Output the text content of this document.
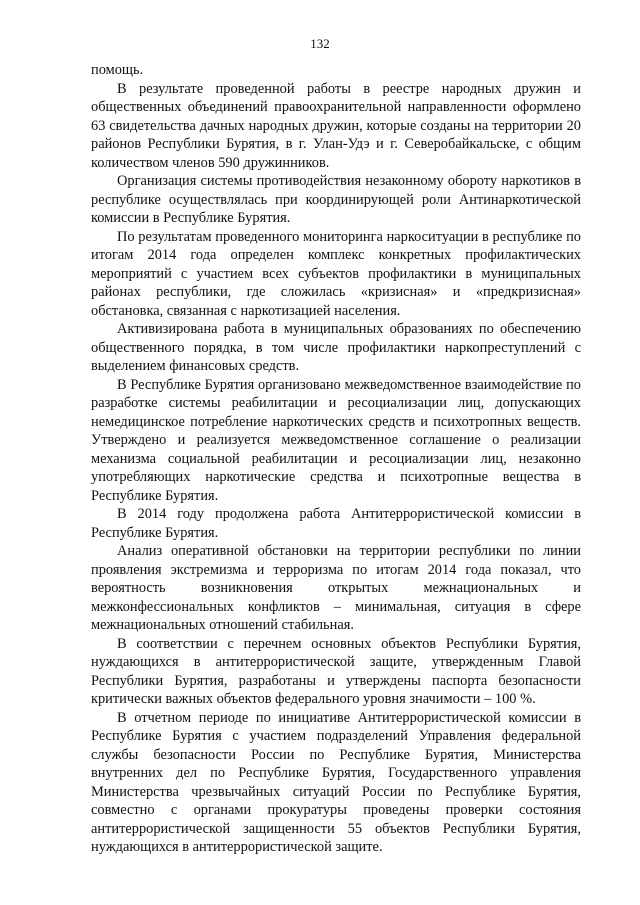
132

помощь.

В результате проведенной работы в реестре народных дружин и общественных объединений правоохранительной направленности оформлено 63 свидетельства дачных народных дружин, которые созданы на территории 20 районов Республики Бурятия, в г. Улан-Удэ и г. Северобайкальске, с общим количеством членов 590 дружинников.

Организация системы противодействия незаконному обороту наркотиков в республике осуществлялась при координирующей роли Антинаркотической комиссии в Республике Бурятия.

По результатам проведенного мониторинга наркоситуации в республике по итогам 2014 года определен комплекс конкретных профилактических мероприятий с участием всех субъектов профилактики в муниципальных районах республики, где сложилась «кризисная» и «предкризисная» обстановка, связанная с наркотизацией населения.

Активизирована работа в муниципальных образованиях по обеспечению общественного порядка, в том числе профилактики наркопреступлений с выделением финансовых средств.

В Республике Бурятия организовано межведомственное взаимодействие по разработке системы реабилитации и ресоциализации лиц, допускающих немедицинское потребление наркотических средств и психотропных веществ. Утверждено и реализуется межведомственное соглашение о реализации механизма социальной реабилитации и ресоциализации лиц, незаконно употребляющих наркотические средства и психотропные вещества в Республике Бурятия.

В 2014 году продолжена работа Антитеррористической комиссии в Республике Бурятия.

Анализ оперативной обстановки на территории республики по линии проявления экстремизма и терроризма по итогам 2014 года показал, что вероятность возникновения открытых межнациональных и межконфессиональных конфликтов – минимальная, ситуация в сфере межнациональных отношений стабильная.

В соответствии с перечнем основных объектов Республики Бурятия, нуждающихся в антитеррористической защите, утвержденным Главой Республики Бурятия, разработаны и утверждены паспорта безопасности критически важных объектов федерального уровня значимости – 100 %.

В отчетном периоде по инициативе Антитеррористической комиссии в Республике Бурятия с участием подразделений Управления федеральной службы безопасности России по Республике Бурятия, Министерства внутренних дел по Республике Бурятия, Государственного управления Министерства чрезвычайных ситуаций России по Республике Бурятия, совместно с органами прокуратуры проведены проверки состояния антитеррористической защищенности 55 объектов Республики Бурятия, нуждающихся в антитеррористической защите.
